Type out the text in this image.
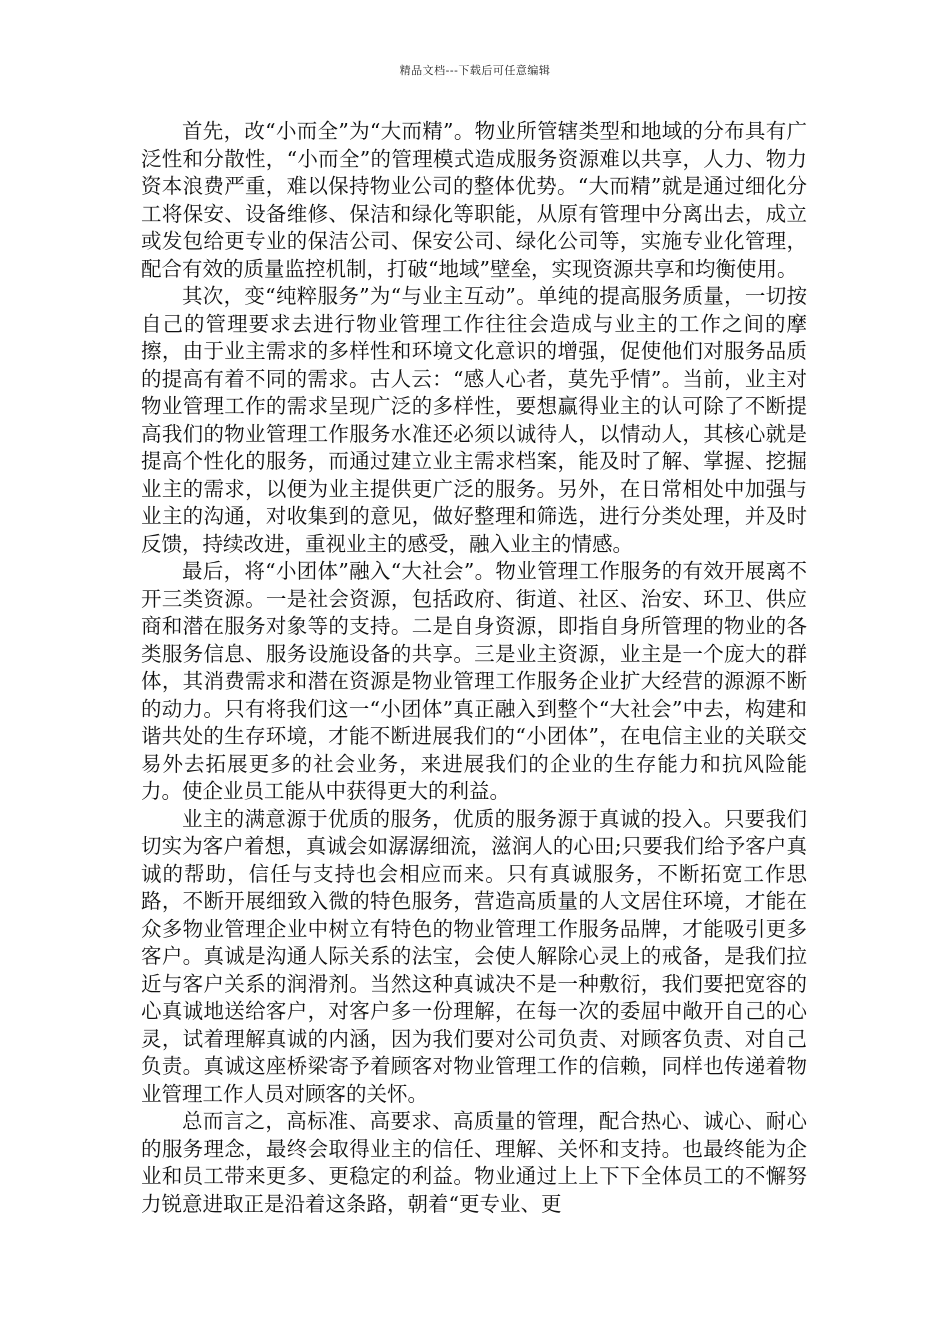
精品文档---下载后可任意编辑

首先，改“小而全”为“大而精”。物业所管辖类型和地域的分布具有广泛性和分散性，“小而全”的管理模式造成服务资源难以共享，人力、物力资本浪费严重，难以保持物业公司的整体优势。“大而精”就是通过细化分工将保安、设备维修、保洁和绿化等职能，从原有管理中分离出去，成立或发包给更专业的保洁公司、保安公司、绿化公司等，实施专业化管理，配合有效的质量监控机制，打破“地域”壁垒，实现资源共享和均衡使用。

其次，变“纯粹服务”为“与业主互动”。单纯的提高服务质量，一切按自己的管理要求去进行物业管理工作往往会造成与业主的工作之间的摩擦，由于业主需求的多样性和环境文化意识的增强，促使他们对服务品质的提高有着不同的需求。古人云：“感人心者，莫先乎情”。当前，业主对物业管理工作的需求呈现广泛的多样性，要想赢得业主的认可除了不断提高我们的物业管理工作服务水准还必须以诚待人，以情动人，其核心就是提高个性化的服务，而通过建立业主需求档案，能及时了解、掌握、挖掘业主的需求，以便为业主提供更广泛的服务。另外，在日常相处中加强与业主的沟通，对收集到的意见，做好整理和筛选，进行分类处理，并及时反馈，持续改进，重视业主的感受，融入业主的情感。

最后，将“小团体”融入“大社会”。物业管理工作服务的有效开展离不开三类资源。一是社会资源，包括政府、街道、社区、治安、环卫、供应商和潜在服务对象等的支持。二是自身资源，即指自身所管理的物业的各类服务信息、服务设施设备的共享。三是业主资源，业主是一个庞大的群体，其消费需求和潜在资源是物业管理工作服务企业扩大经营的源源不断的动力。只有将我们这一“小团体”真正融入到整个“大社会”中去，构建和谐共处的生存环境，才能不断进展我们的“小团体”，在电信主业的关联交易外去拓展更多的社会业务，来进展我们的企业的生存能力和抗风险能力。使企业员工能从中获得更大的利益。

业主的满意源于优质的服务，优质的服务源于真诚的投入。只要我们切实为客户着想，真诚会如潺潺细流，滋润人的心田;只要我们给予客户真诚的帮助，信任与支持也会相应而来。只有真诚服务，不断拓宽工作思路，不断开展细致入微的特色服务，营造高质量的人文居住环境，才能在众多物业管理企业中树立有特色的物业管理工作服务品牌，才能吸引更多客户。真诚是沟通人际关系的法宝，会使人解除心灵上的戒备，是我们拉近与客户关系的润滑剂。当然这种真诚决不是一种敷衍，我们要把宽容的心真诚地送给客户，对客户多一份理解，在每一次的委屈中敞开自己的心灵，试着理解真诚的内涵，因为我们要对公司负责、对顾客负责、对自己负责。真诚这座桥梁寄予着顾客对物业管理工作的信赖，同样也传递着物业管理工作人员对顾客的关怀。

总而言之，高标准、高要求、高质量的管理，配合热心、诚心、耐心的服务理念，最终会取得业主的信任、理解、关怀和支持。也最终能为企业和员工带来更多、更稳定的利益。物业通过上上下下全体员工的不懈努力锐意进取正是沿着这条路，朝着“更专业、更
